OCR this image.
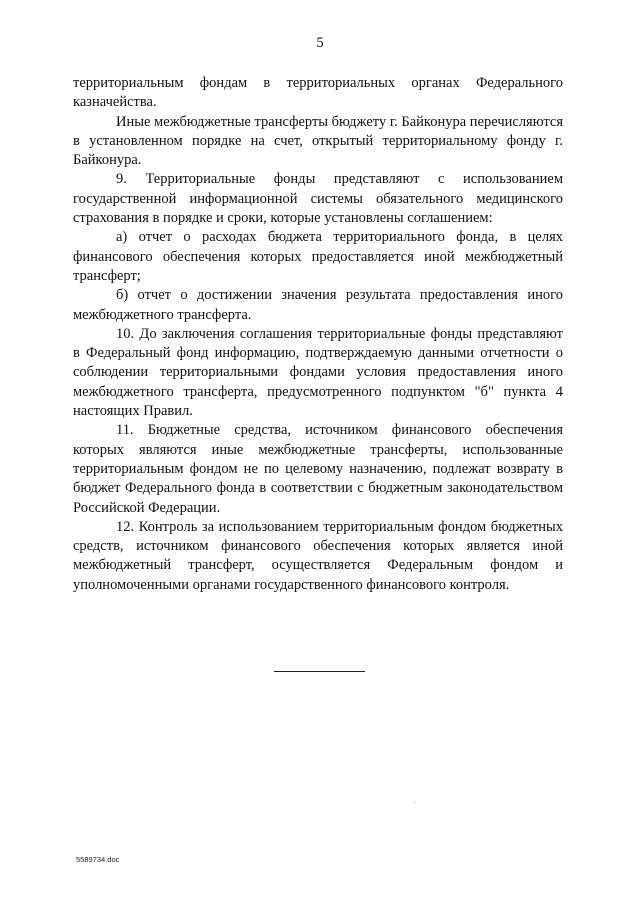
5

территориальным фондам в территориальных органах Федерального казначейства.

Иные межбюджетные трансферты бюджету г. Байконура перечисляются в установленном порядке на счет, открытый территориальному фонду г. Байконура.

9. Территориальные фонды представляют с использованием государственной информационной системы обязательного медицинского страхования в порядке и сроки, которые установлены соглашением:

а) отчет о расходах бюджета территориального фонда, в целях финансового обеспечения которых предоставляется иной межбюджетный трансферт;

б) отчет о достижении значения результата предоставления иного межбюджетного трансферта.

10. До заключения соглашения территориальные фонды представляют в Федеральный фонд информацию, подтверждаемую данными отчетности о соблюдении территориальными фондами условия предоставления иного межбюджетного трансферта, предусмотренного подпунктом "б" пункта 4 настоящих Правил.

11. Бюджетные средства, источником финансового обеспечения которых являются иные межбюджетные трансферты, использованные территориальным фондом не по целевому назначению, подлежат возврату в бюджет Федерального фонда в соответствии с бюджетным законодательством Российской Федерации.

12. Контроль за использованием территориальным фондом бюджетных средств, источником финансового обеспечения которых является иной межбюджетный трансферт, осуществляется Федеральным фондом и уполномоченными органами государственного финансового контроля.

5589734.doc
